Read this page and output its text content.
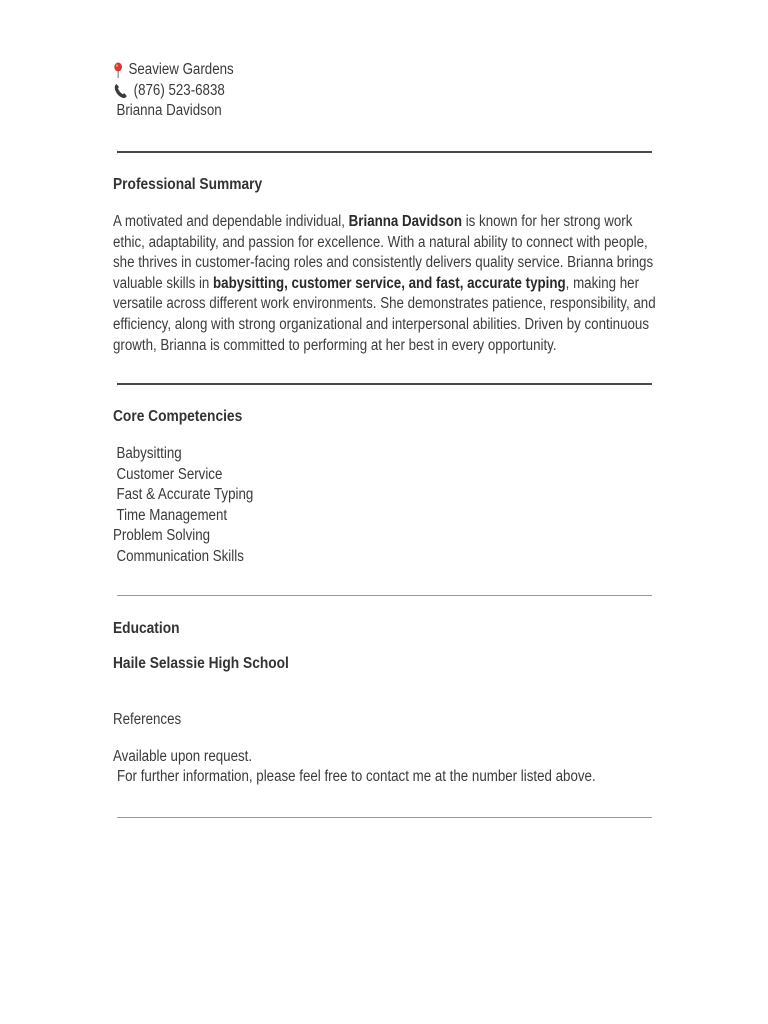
Seaview Gardens
(876) 523-6838
Brianna Davidson
Professional Summary
A motivated and dependable individual, Brianna Davidson is known for her strong work ethic, adaptability, and passion for excellence. With a natural ability to connect with people, she thrives in customer-facing roles and consistently delivers quality service. Brianna brings valuable skills in babysitting, customer service, and fast, accurate typing, making her versatile across different work environments. She demonstrates patience, responsibility, and efficiency, along with strong organizational and interpersonal abilities. Driven by continuous growth, Brianna is committed to performing at her best in every opportunity.
Core Competencies
Babysitting
Customer Service
Fast & Accurate Typing
Time Management
Problem Solving
Communication Skills
Education
Haile Selassie High School
References
Available upon request.
For further information, please feel free to contact me at the number listed above.
